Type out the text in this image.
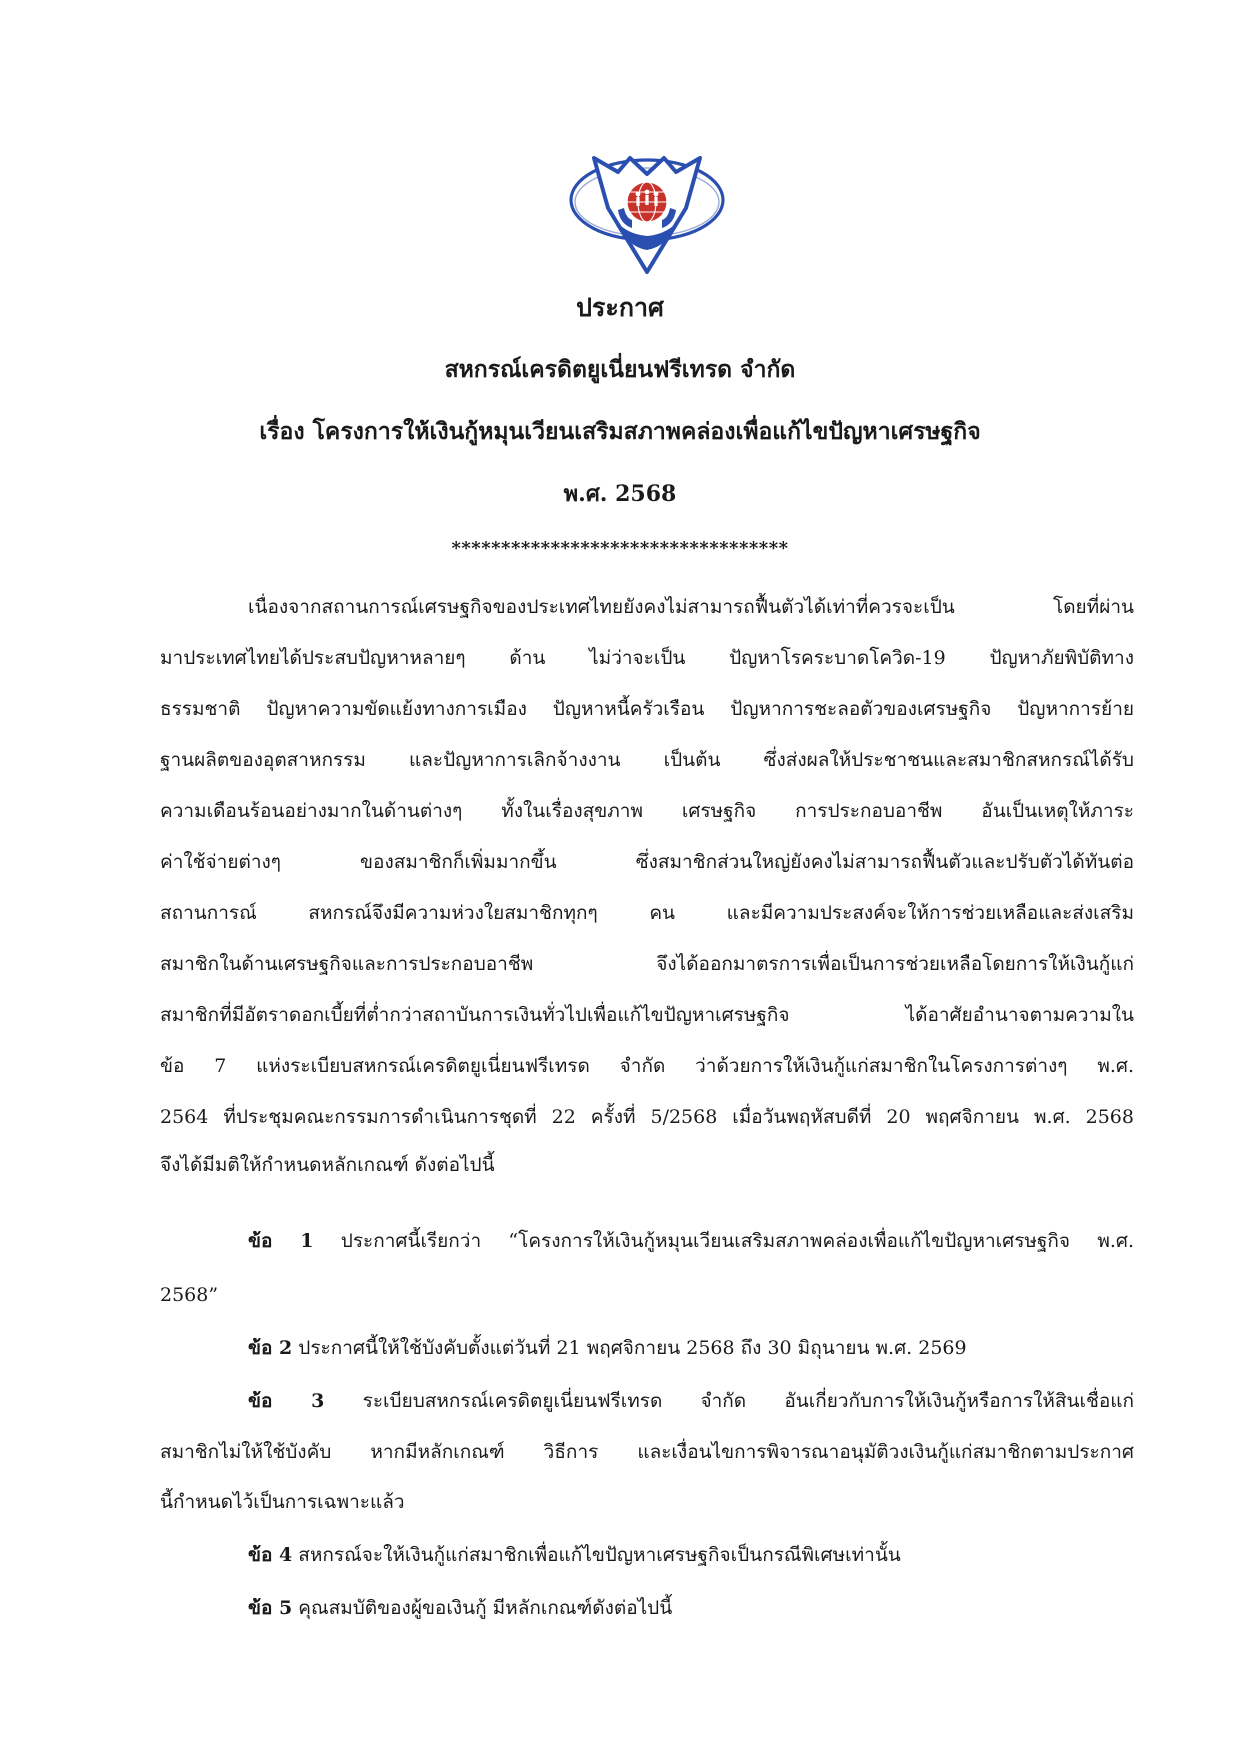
ประกาศ
สหกรณ์เครดิตยูเนี่ยนฟรีเทรด จำกัด
เรื่อง โครงการให้เงินกู้หมุนเวียนเสริมสภาพคล่องเพื่อแก้ไขปัญหาเศรษฐกิจ
พ.ศ. 2568
**********************************
เนื่องจากสถานการณ์เศรษฐกิจของประเทศไทยยังคงไม่สามารถฟื้นตัวได้เท่าที่ควรจะเป็น โดยที่ผ่าน
มาประเทศไทยได้ประสบปัญหาหลายๆ ด้าน ไม่ว่าจะเป็น ปัญหาโรคระบาดโควิด-19 ปัญหาภัยพิบัติทาง
ธรรมชาติ ปัญหาความขัดแย้งทางการเมือง ปัญหาหนี้ครัวเรือน ปัญหาการชะลอตัวของเศรษฐกิจ ปัญหาการย้าย
ฐานผลิตของอุตสาหกรรม และปัญหาการเลิกจ้างงาน เป็นต้น ซึ่งส่งผลให้ประชาชนและสมาชิกสหกรณ์ได้รับ
ความเดือนร้อนอย่างมากในด้านต่างๆ ทั้งในเรื่องสุขภาพ เศรษฐกิจ การประกอบอาชีพ อันเป็นเหตุให้ภาระ
ค่าใช้จ่ายต่างๆ ของสมาชิกก็เพิ่มมากขึ้น ซึ่งสมาชิกส่วนใหญ่ยังคงไม่สามารถฟื้นตัวและปรับตัวได้ทันต่อ
สถานการณ์ สหกรณ์จึงมีความห่วงใยสมาชิกทุกๆ คน และมีความประสงค์จะให้การช่วยเหลือและส่งเสริม
สมาชิกในด้านเศรษฐกิจและการประกอบอาชีพ จึงได้ออกมาตรการเพื่อเป็นการช่วยเหลือโดยการให้เงินกู้แก่
สมาชิกที่มีอัตราดอกเบี้ยที่ต่ำกว่าสถาบันการเงินทั่วไปเพื่อแก้ไขปัญหาเศรษฐกิจ ได้อาศัยอำนาจตามความใน
ข้อ 7 แห่งระเบียบสหกรณ์เครดิตยูเนี่ยนฟรีเทรด จำกัด ว่าด้วยการให้เงินกู้แก่สมาชิกในโครงการต่างๆ พ.ศ.
2564 ที่ประชุมคณะกรรมการดำเนินการชุดที่ 22 ครั้งที่ 5/2568 เมื่อวันพฤหัสบดีที่ 20 พฤศจิกายน พ.ศ. 2568
จึงได้มีมติให้กำหนดหลักเกณฑ์ ดังต่อไปนี้
ข้อ 1 ประกาศนี้เรียกว่า “โครงการให้เงินกู้หมุนเวียนเสริมสภาพคล่องเพื่อแก้ไขปัญหาเศรษฐกิจ พ.ศ.
2568”
ข้อ 2 ประกาศนี้ให้ใช้บังคับตั้งแต่วันที่ 21 พฤศจิกายน 2568 ถึง 30 มิถุนายน พ.ศ. 2569
ข้อ 3 ระเบียบสหกรณ์เครดิตยูเนี่ยนฟรีเทรด จำกัด อันเกี่ยวกับการให้เงินกู้หรือการให้สินเชื่อแก่
สมาชิกไม่ให้ใช้บังคับ หากมีหลักเกณฑ์ วิธีการ และเงื่อนไขการพิจารณาอนุมัติวงเงินกู้แก่สมาชิกตามประกาศ
นี้กำหนดไว้เป็นการเฉพาะแล้ว
ข้อ 4 สหกรณ์จะให้เงินกู้แก่สมาชิกเพื่อแก้ไขปัญหาเศรษฐกิจเป็นกรณีพิเศษเท่านั้น
ข้อ 5 คุณสมบัติของผู้ขอเงินกู้ มีหลักเกณฑ์ดังต่อไปนี้
